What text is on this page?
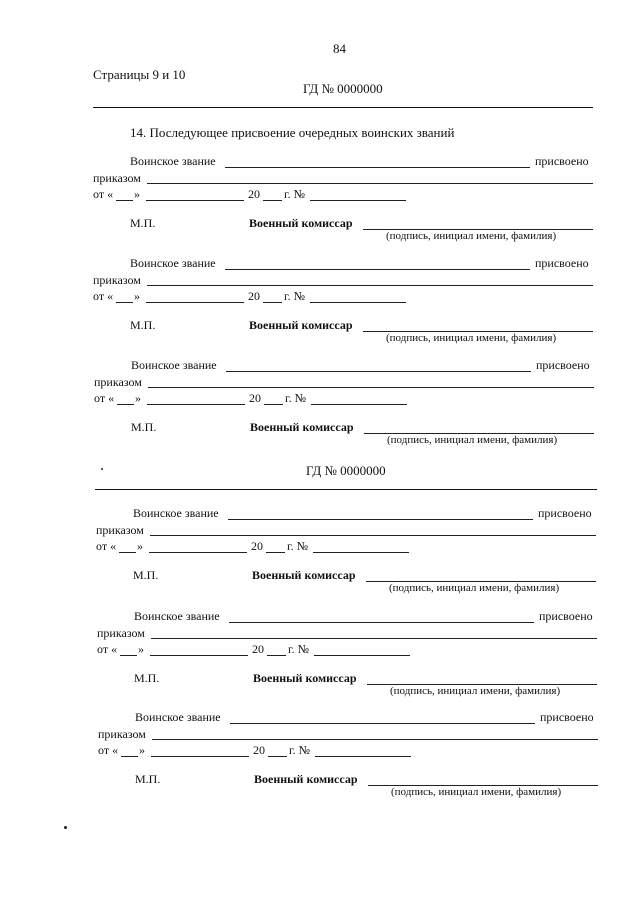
84
Страницы 9 и 10
ГД № 0000000
14. Последующее присвоение очередных воинских званий
ГД № 0000000
Воинское звание	присвоено
приказом
от « »	20 г. №
М.П.	Военный комиссар
(подпись, инициал имени, фамилия)
Воинское звание	присвоено
приказом
от « »	20 г. №
М.П.	Военный комиссар
(подпись, инициал имени, фамилия)
Воинское звание	присвоено
приказом
от « »	20 г. №
М.П.	Военный комиссар
(подпись, инициал имени, фамилия)
Воинское звание	присвоено
приказом
от « »	20 г. №
М.П.	Военный комиссар
(подпись, инициал имени, фамилия)
Воинское звание	присвоено
приказом
от « »	20 г. №
М.П.	Военный комиссар
(подпись, инициал имени, фамилия)
Воинское звание	присвоено
приказом
от « »	20 г. №
М.П.	Военный комиссар
(подпись, инициал имени, фамилия)
